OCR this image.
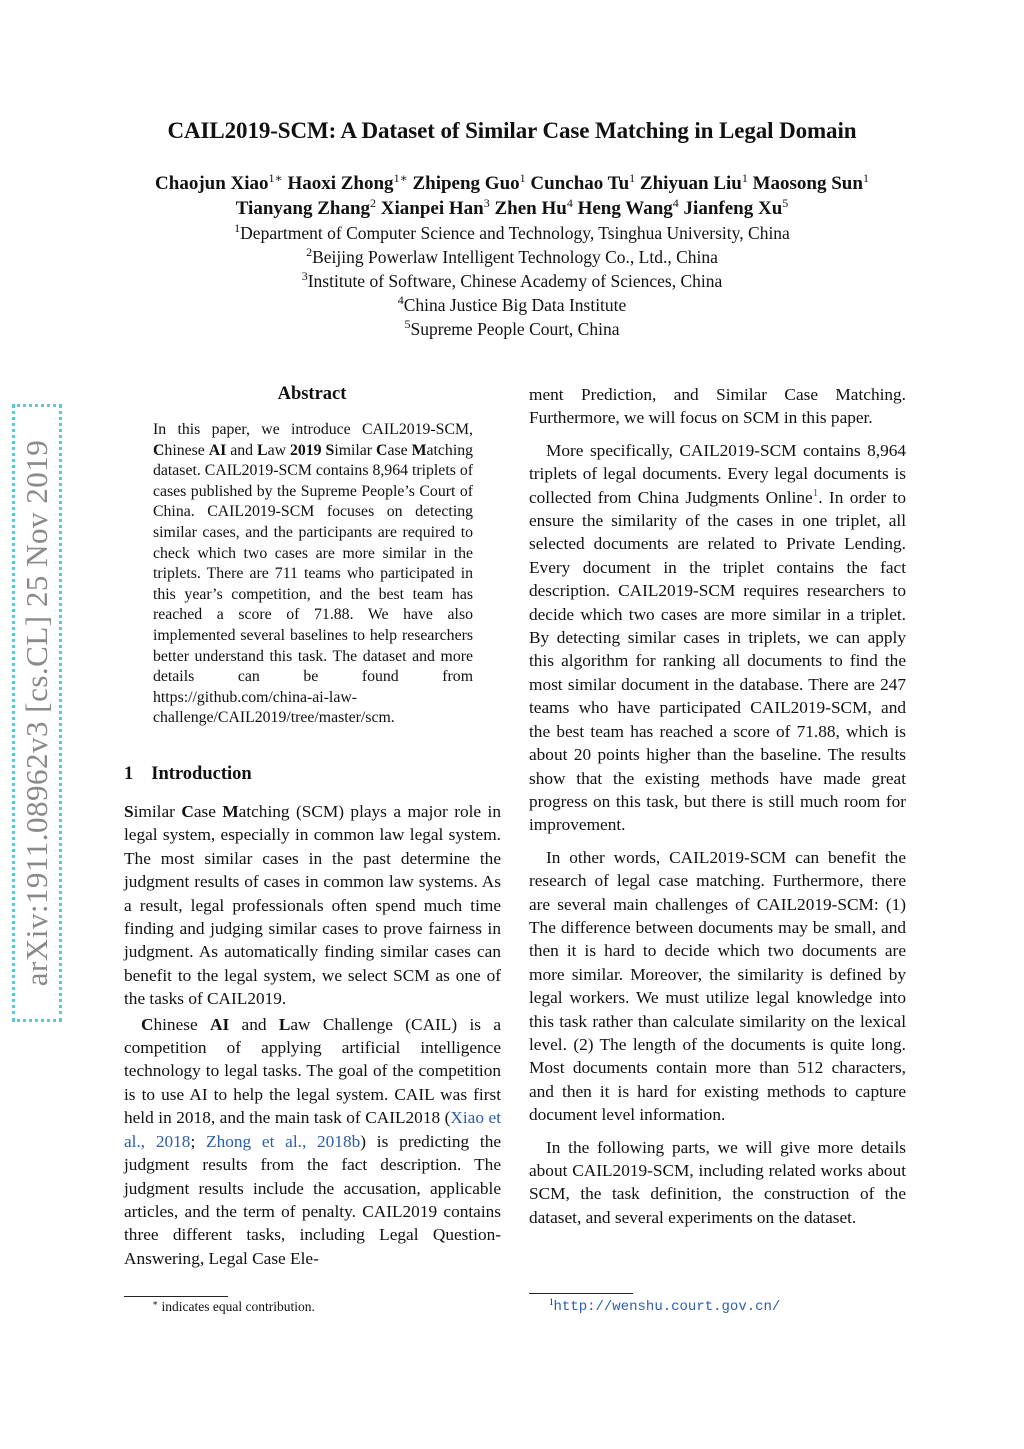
CAIL2019-SCM: A Dataset of Similar Case Matching in Legal Domain
Chaojun Xiao$^{1∗}$ Haoxi Zhong$^{1∗}$ Zhipeng Guo$^1$ Cunchao Tu$^1$ Zhiyuan Liu$^1$ Maosong Sun$^1$
Tianyang Zhang$^2$ Xianpei Han$^3$ Zhen Hu$^4$ Heng Wang$^4$ Jianfeng Xu$^5$
$^1$Department of Computer Science and Technology, Tsinghua University, China
$^2$Beijing Powerlaw Intelligent Technology Co., Ltd., China
$^3$Institute of Software, Chinese Academy of Sciences, China
$^4$China Justice Big Data Institute
$^5$Supreme People Court, China
arXiv:1911.08962v3 [cs.CL] 25 Nov 2019
Abstract
In this paper, we introduce CAIL2019-SCM, Chinese AI and Law 2019 Similar Case Matching dataset. CAIL2019-SCM contains 8,964 triplets of cases published by the Supreme People’s Court of China. CAIL2019-SCM focuses on detecting similar cases, and the participants are required to check which two cases are more similar in the triplets. There are 711 teams who participated in this year’s competition, and the best team has reached a score of 71.88. We have also implemented several baselines to help researchers better understand this task. The dataset and more details can be found from https://github.com/china-ai-law-challenge/CAIL2019/tree/master/scm.
1 Introduction

Similar Case Matching (SCM) plays a major role in legal system, especially in common law legal system. The most similar cases in the past determine the judgment results of cases in common law systems. As a result, legal professionals often spend much time finding and judging similar cases to prove fairness in judgment. As automatically finding similar cases can benefit to the legal system, we select SCM as one of the tasks of CAIL2019.

Chinese AI and Law Challenge (CAIL) is a competition of applying artificial intelligence technology to legal tasks. The goal of the competition is to use AI to help the legal system. CAIL was first held in 2018, and the main task of CAIL2018 (Xiao et al., 2018; Zhong et al., 2018b) is predicting the judgment results from the fact description. The judgment results include the accusation, applicable articles, and the term of penalty. CAIL2019 contains three different tasks, including Legal Question-Answering, Legal Case Ele-

ment Prediction, and Similar Case Matching. Furthermore, we will focus on SCM in this paper.

More specifically, CAIL2019-SCM contains 8,964 triplets of legal documents. Every legal documents is collected from China Judgments Online$^1$. In order to ensure the similarity of the cases in one triplet, all selected documents are related to Private Lending. Every document in the triplet contains the fact description. CAIL2019-SCM requires researchers to decide which two cases are more similar in a triplet. By detecting similar cases in triplets, we can apply this algorithm for ranking all documents to find the most similar document in the database. There are 247 teams who have participated CAIL2019-SCM, and the best team has reached a score of 71.88, which is about 20 points higher than the baseline. The results show that the existing methods have made great progress on this task, but there is still much room for improvement.

In other words, CAIL2019-SCM can benefit the research of legal case matching. Furthermore, there are several main challenges of CAIL2019-SCM: (1) The difference between documents may be small, and then it is hard to decide which two documents are more similar. Moreover, the similarity is defined by legal workers. We must utilize legal knowledge into this task rather than calculate similarity on the lexical level. (2) The length of the documents is quite long. Most documents contain more than 512 characters, and then it is hard for existing methods to capture document level information.

In the following parts, we will give more details about CAIL2019-SCM, including related works about SCM, the task definition, the construction of the dataset, and several experiments on the dataset.

∗ indicates equal contribution.	$^1$http://wenshu.court.gov.cn/
